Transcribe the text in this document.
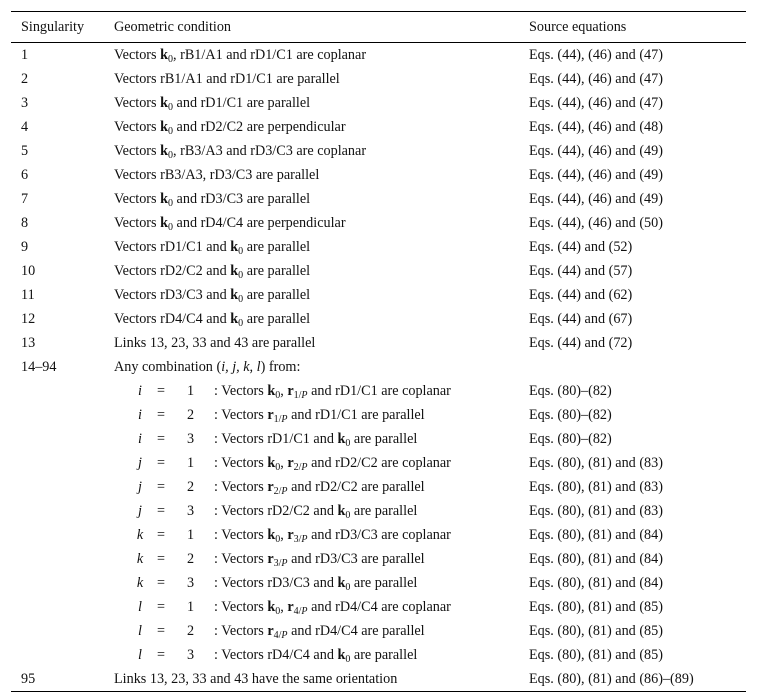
Singularity Geometric condition	Source equations
1	Vectors $k_0$, rB1/A1 and rD1/C1 are coplanar	Eqs. (44), (46) and (47)
2	Vectors rB1/A1 and rD1/C1 are parallel	Eqs. (44), (46) and (47)
3	Vectors $k_0$ and rD1/C1 are parallel	Eqs. (44), (46) and (47)
4	Vectors $k_0$ and rD2/C2 are perpendicular	Eqs. (44), (46) and (48)
5	Vectors $k_0$, rB3/A3 and rD3/C3 are coplanar	Eqs. (44), (46) and (49)
6	Vectors rB3/A3, rD3/C3 are parallel	Eqs. (44), (46) and (49)
7	Vectors $k_0$ and rD3/C3 are parallel	Eqs. (44), (46) and (49)
8	Vectors $k_0$ and rD4/C4 are perpendicular	Eqs. (44), (46) and (50)
9	Vectors rD1/C1 and $k_0$ are parallel	Eqs. (44) and (52)
10	Vectors rD2/C2 and $k_0$ are parallel	Eqs. (44) and (57)
11	Vectors rD3/C3 and $k_0$ are parallel	Eqs. (44) and (62)
12	Vectors rD4/C4 and $k_0$ are parallel	Eqs. (44) and (67)
13	Links 13, 23, 33 and 43 are parallel	Eqs. (44) and (72)
14–94	Any combination (i, j, k, l) from:
i	= 1 : Vectors $k_0$, $r_{1/P}$ and rD1/C1 are coplanar	Eqs. (80)–(82)
i	= 2 : Vectors $r_{1/P}$ and rD1/C1 are parallel	Eqs. (80)–(82)
i	= 3 : Vectors rD1/C1 and $k_0$ are parallel	Eqs. (80)–(82)
j	= 1 : Vectors $k_0$, $r_{2/P}$ and rD2/C2 are coplanar	Eqs. (80), (81) and (83)
j	= 2 : Vectors $r_{2/P}$ and rD2/C2 are parallel	Eqs. (80), (81) and (83)
j	= 3 : Vectors rD2/C2 and $k_0$ are parallel	Eqs. (80), (81) and (83)
k = 1 : Vectors $k_0$, $r_{3/P}$ and rD3/C3 are coplanar	Eqs. (80), (81) and (84)
k = 2 : Vectors $r_{3/P}$ and rD3/C3 are parallel	Eqs. (80), (81) and (84)
k = 3 : Vectors rD3/C3 and $k_0$ are parallel	Eqs. (80), (81) and (84)
l	= 1 : Vectors $k_0$, $r_{4/P}$ and rD4/C4 are coplanar	Eqs. (80), (81) and (85)
l	= 2 : Vectors $r_{4/P}$ and rD4/C4 are parallel	Eqs. (80), (81) and (85)
l	= 3 : Vectors rD4/C4 and $k_0$ are parallel	Eqs. (80), (81) and (85)
95	Links 13, 23, 33 and 43 have the same orientation	Eqs. (80), (81) and (86)–(89)
